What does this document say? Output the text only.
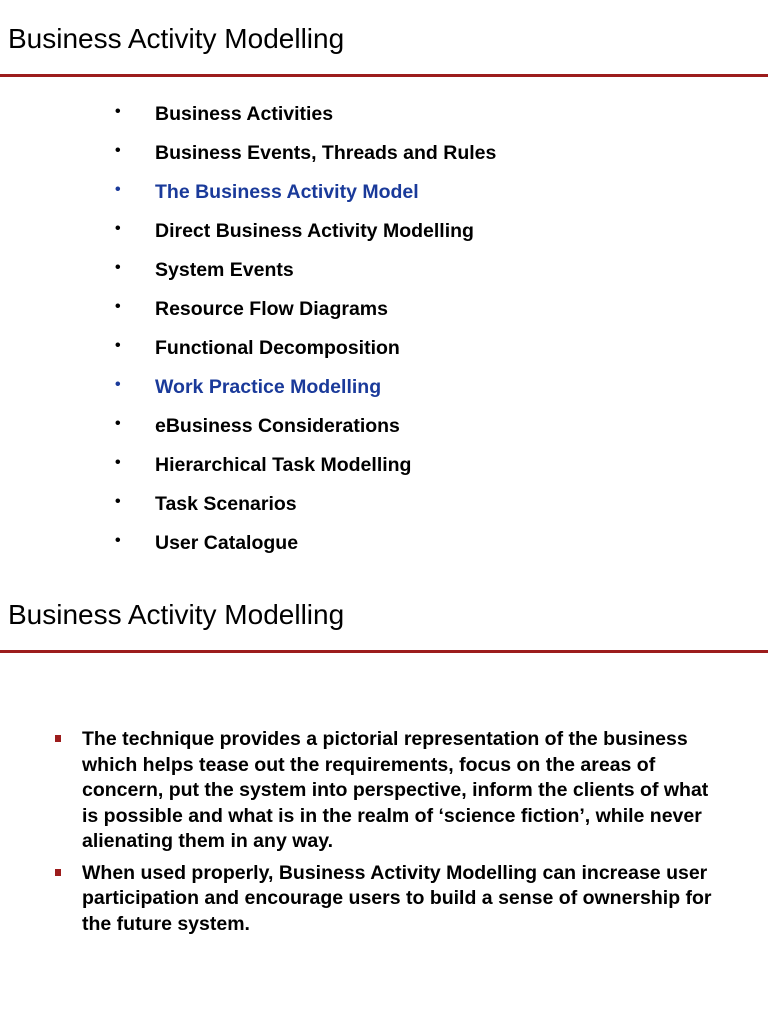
Business Activity Modelling
• Business Activities
• Business Events, Threads and Rules
• The Business Activity Model
• Direct Business Activity Modelling
• System Events
• Resource Flow Diagrams
• Functional Decomposition
• Work Practice Modelling
• eBusiness Considerations
• Hierarchical Task Modelling
• Task Scenarios
• User Catalogue
Business Activity Modelling
The technique provides a pictorial representation of the business which helps tease out the requirements, focus on the areas of concern, put the system into perspective, inform the clients of what is possible and what is in the realm of ‘science fiction’, while never alienating them in any way.
When used properly, Business Activity Modelling can increase user participation and encourage users to build a sense of ownership for the future system.
